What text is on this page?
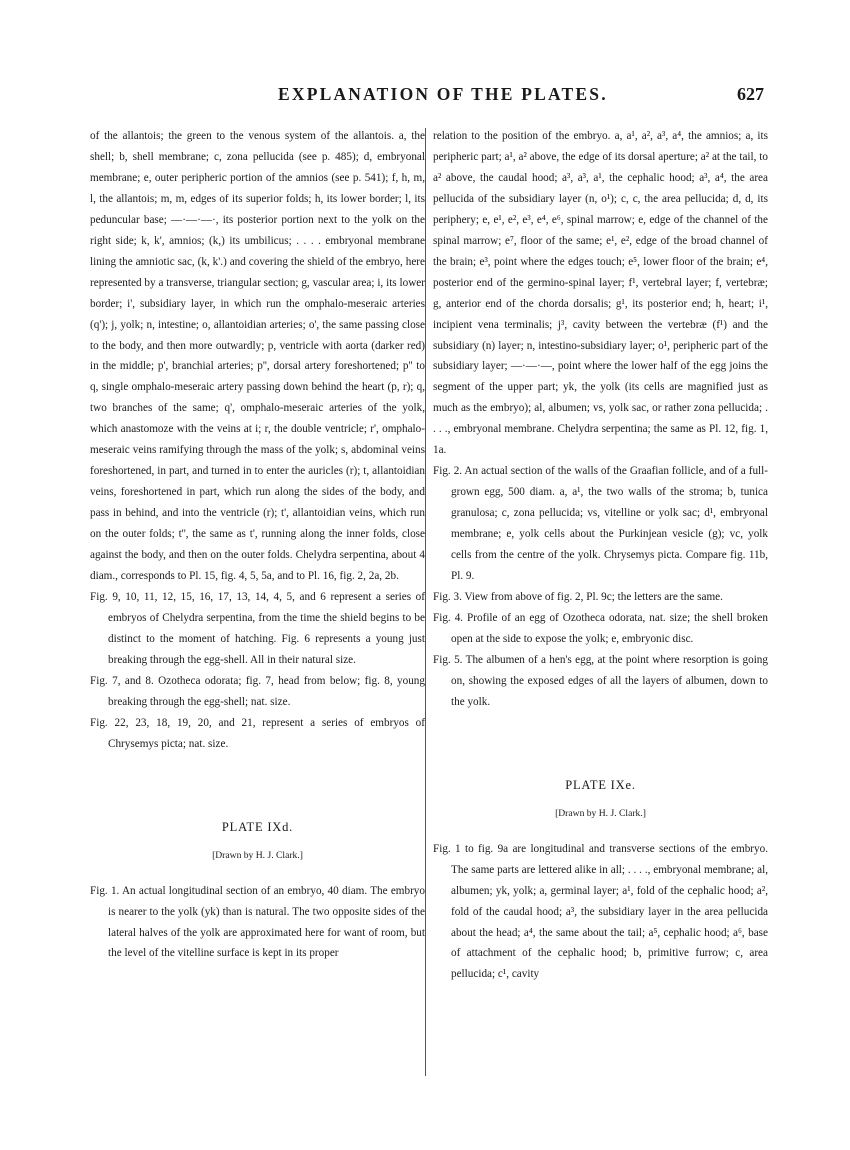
EXPLANATION OF THE PLATES.	627

of the allantois; the green to the venous system of the allantois. a, the shell; b, shell membrane; c, zona pellucida (see p. 485); d, embryonal membrane; e, outer peripheric portion of the amnios (see p. 541); f, h, m, l, the allantois; m, m, edges of its superior folds; h, its lower border; l, its peduncular base; —·—·—·, its posterior portion next to the yolk on the right side; k, k', amnios; (k,) its umbilicus; . . . . embryonal membrane lining the amniotic sac, (k, k'.) and covering the shield of the embryo, here represented by a transverse, triangular section; g, vascular area; i, its lower border; i', subsidiary layer, in which run the omphalo-meseraic arteries (q'); j, yolk; n, intestine; o, allantoidian arteries; o', the same passing close to the body, and then more outwardly; p, ventricle with aorta (darker red) in the middle; p', branchial arteries; p'', dorsal artery foreshortened; p'' to q, single omphalo-meseraic artery passing down behind the heart (p, r); q, two branches of the same; q', omphalo-meseraic arteries of the yolk, which anastomoze with the veins at i; r, the double ventricle; r', omphalo-meseraic veins ramifying through the mass of the yolk; s, abdominal veins foreshortened, in part, and turned in to enter the auricles (r); t, allantoidian veins, foreshortened in part, which run along the sides of the body, and pass in behind, and into the ventricle (r); t', allantoidian veins, which run on the outer folds; t'', the same as t', running along the inner folds, close against the body, and then on the outer folds. Chelydra serpentina, about 4 diam., corresponds to Pl. 15, fig. 4, 5, 5a, and to Pl. 16, fig. 2, 2a, 2b.

Fig. 9, 10, 11, 12, 15, 16, 17, 13, 14, 4, 5, and 6 represent a series of embryos of Chelydra serpentina, from the time the shield begins to be distinct to the moment of hatching. Fig. 6 represents a young just breaking through the egg-shell. All in their natural size.

Fig. 7, and 8. Ozotheca odorata; fig. 7, head from below; fig. 8, young breaking through the egg-shell; nat. size.

Fig. 22, 23, 18, 19, 20, and 21, represent a series of embryos of Chrysemys picta; nat. size.

PLATE IXd.

[Drawn by H. J. Clark.]

Fig. 1. An actual longitudinal section of an embryo, 40 diam. The embryo is nearer to the yolk (yk) than is natural. The two opposite sides of the lateral halves of the yolk are approximated here for want of room, but the level of the vitelline surface is kept in its proper

relation to the position of the embryo. a, a¹, a², a³, a⁴, the amnios; a, its peripheric part; a¹, a² above, the edge of its dorsal aperture; a² at the tail, to a² above, the caudal hood; a³, a³, a¹, the cephalic hood; a³, a⁴, the area pellucida of the subsidiary layer (n, o¹); c, c, the area pellucida; d, d, its periphery; e, e¹, e², e³, e⁴, e⁶, spinal marrow; e, edge of the channel of the spinal marrow; e⁷, floor of the same; e¹, e², edge of the broad channel of the brain; e³, point where the edges touch; e⁵, lower floor of the brain; e⁴, posterior end of the germino-spinal layer; f¹, vertebral layer; f, vertebræ; g, anterior end of the chorda dorsalis; g¹, its posterior end; h, heart; i¹, incipient vena terminalis; j³, cavity between the vertebræ (f¹) and the subsidiary (n) layer; n, intestino-subsidiary layer; o¹, peripheric part of the subsidiary layer; —·—·—, point where the lower half of the egg joins the segment of the upper part; yk, the yolk (its cells are magnified just as much as the embryo); al, albumen; vs, yolk sac, or rather zona pellucida; . . . ., embryonal membrane. Chelydra serpentina; the same as Pl. 12, fig. 1, 1a.

Fig. 2. An actual section of the walls of the Graafian follicle, and of a full-grown egg, 500 diam. a, a¹, the two walls of the stroma; b, tunica granulosa; c, zona pellucida; vs, vitelline or yolk sac; d¹, embryonal membrane; e, yolk cells about the Purkinjean vesicle (g); vc, yolk cells from the centre of the yolk. Chrysemys picta. Compare fig. 11b, Pl. 9.

Fig. 3. View from above of fig. 2, Pl. 9c; the letters are the same.

Fig. 4. Profile of an egg of Ozotheca odorata, nat. size; the shell broken open at the side to expose the yolk; e, embryonic disc.

Fig. 5. The albumen of a hen's egg, at the point where resorption is going on, showing the exposed edges of all the layers of albumen, down to the yolk.

PLATE IXe.

[Drawn by H. J. Clark.]

Fig. 1 to fig. 9a are longitudinal and transverse sections of the embryo. The same parts are lettered alike in all; . . . ., embryonal membrane; al, albumen; yk, yolk; a, germinal layer; a¹, fold of the cephalic hood; a², fold of the caudal hood; a³, the subsidiary layer in the area pellucida about the head; a⁴, the same about the tail; a⁵, cephalic hood; a⁶, base of attachment of the cephalic hood; b, primitive furrow; c, area pellucida; c¹, cavity
